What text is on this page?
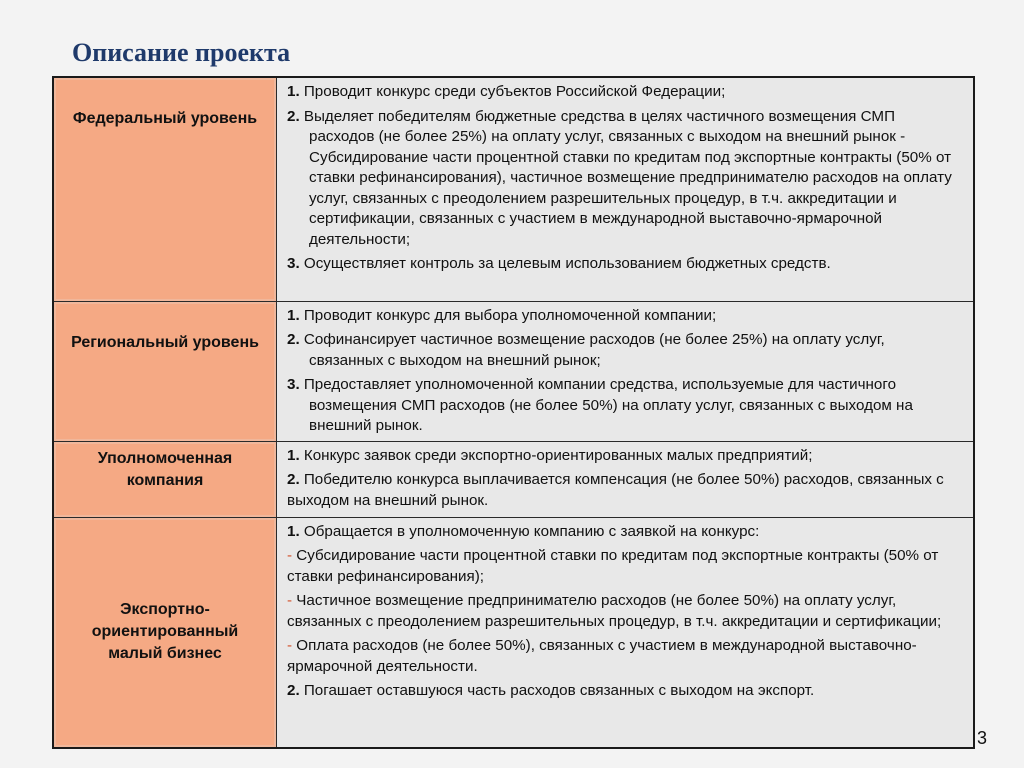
Описание проекта
Федеральный уровень	1. Проводит конкурс среди субъектов Российской Федерации;
2. Выделяет победителям бюджетные средства в целях частичного возмещения СМП расходов (не более 25%) на оплату услуг, связанных с выходом на внешний рынок - Субсидирование части процентной ставки по кредитам под экспортные контракты (50% от ставки рефинансирования), частичное возмещение предпринимателю расходов на оплату услуг, связанных с преодолением разрешительных процедур, в т.ч. аккредитации и сертификации, связанных с участием в международной выставочно-ярмарочной деятельности;
3. Осуществляет контроль за целевым использованием бюджетных средств.

Региональный уровень	1. Проводит конкурс для выбора уполномоченной компании;
2. Софинансирует частичное возмещение расходов (не более 25%) на оплату услуг, связанных с выходом на внешний рынок;
3. Предоставляет уполномоченной компании средства, используемые для частичного возмещения СМП расходов (не более 50%) на оплату услуг, связанных с выходом на внешний рынок.

Уполномоченная компания	1. Конкурс заявок среди экспортно-ориентированных малых предприятий;
2. Победителю конкурса выплачивается компенсация (не более 50%) расходов, связанных с выходом на внешний рынок.

Экспортно-ориентированный малый бизнес	1. Обращается в уполномоченную компанию с заявкой на конкурс:
- Субсидирование части процентной ставки по кредитам под экспортные контракты (50% от ставки рефинансирования);
- Частичное возмещение предпринимателю расходов (не более 50%) на оплату услуг, связанных с преодолением разрешительных процедур, в т.ч. аккредитации и сертификации;
- Оплата расходов (не более 50%), связанных с участием в международной выставочно-ярмарочной деятельности.
2. Погашает оставшуюся часть расходов связанных с выходом на экспорт.
3
